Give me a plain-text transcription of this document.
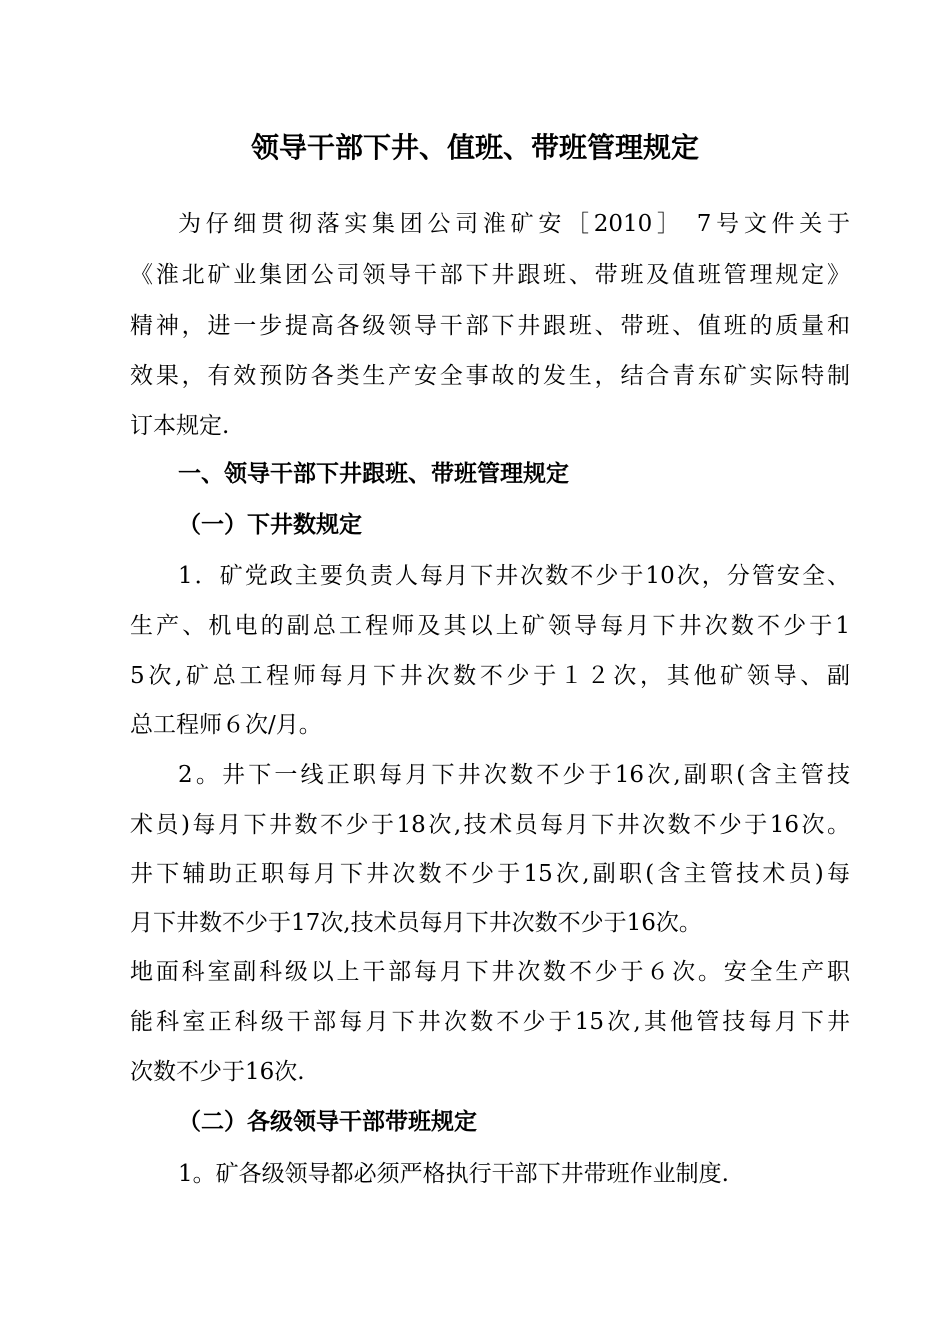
领导干部下井、值班、带班管理规定

为仔细贯彻落实集团公司淮矿安［2010］ 7号文件关于

《淮北矿业集团公司领导干部下井跟班、带班及值班管理规定》

精神，进一步提高各级领导干部下井跟班、带班、值班的质量和

效果，有效预防各类生产安全事故的发生，结合青东矿实际特制

订本规定.

一、领导干部下井跟班、带班管理规定

（一）下井数规定

1．矿党政主要负责人每月下井次数不少于10次，分管安全、

生产、机电的副总工程师及其以上矿领导每月下井次数不少于1

5次,矿总工程师每月下井次数不少于１２次，其他矿领导、副

总工程师６次/月。

2。井下一线正职每月下井次数不少于16次,副职(含主管技

术员)每月下井数不少于18次,技术员每月下井次数不少于16次。

井下辅助正职每月下井次数不少于15次,副职(含主管技术员)每

月下井数不少于17次,技术员每月下井次数不少于16次。

地面科室副科级以上干部每月下井次数不少于６次。安全生产职

能科室正科级干部每月下井次数不少于15次,其他管技每月下井

次数不少于16次.

（二）各级领导干部带班规定

1。矿各级领导都必须严格执行干部下井带班作业制度.
